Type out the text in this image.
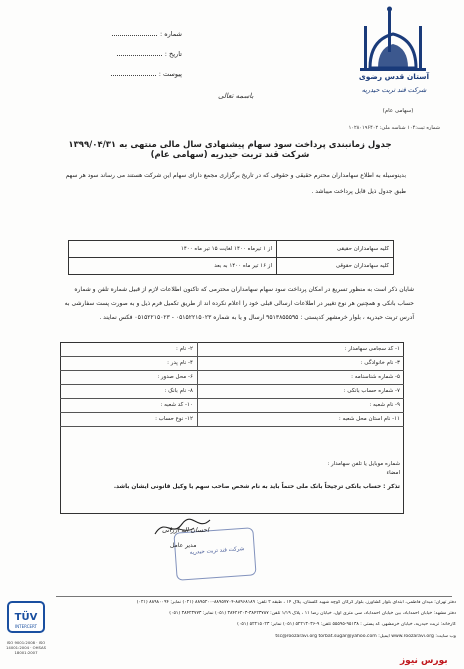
شماره :
تاریخ :
پیوست :
باسمه تعالی
آستان قدس رضوی
شرکت قند تربت حیدریه
(سهامی عام)
شماره ثبت:۱۰۴ شناسه ملی: ۱۰۲۸۰۱۹۶۴۰۲
جدول زمانبندی پرداخت سود سهام پیشنهادی سال مالی منتهی به ۱۳۹۹/۰۴/۳۱ شرکت قند تربت حیدریه (سهامی عام)
بدینوسیله به اطلاع سهامداران محترم حقیقی و حقوقی که در تاریخ برگزاری مجمع دارای سهام این شرکت هستند می رساند سود هر سهم
طبق جدول ذیل قابل پرداخت میباشد .
کلیه سهامداران حقیقی	از ۱ تیرماه ۱۴۰۰ لغایت ۱۵ تیر ماه ۱۴۰۰
کلیه سهامداران حقوقی	از ۱۶ تیر ماه ۱۴۰۰ به بعد
شایان ذکر است به منظور تسریع در امکان پرداخت سود سهام سهامداران محترمی که تاکنون اطلاعات لازم از قبیل شماره تلفن و شماره
حساب بانکی و همچنین هر نوع تغییر در اطلاعات ارسالی قبلی خود را اعلام نکرده اند از طریق تکمیل فرم ذیل و به صورت پست سفارشی به
آدرس تربت حیدریه ، بلوار خرمشهر کدپستی : ۹۵۱۳۸۵۵۵۹۵ ارسال و یا به شماره ۰۵۱۵۲۲۱۵۰۲۳ - ۰۵۱۵۲۲۱۵۰۲۳ فکس نمایند .
۱- کد سجامی سهامدار :	۲- نام :
۳- نام خانوادگی :	۴- نام پدر :
۵- شماره شناسنامه :	۶- محل صدور :
۷- شماره حساب بانکی :	۸- نام بانک :
۹- نام شعبه :	۱۰- کد شعبه :
۱۱- نام استان محل شعبه :	۱۲- نوع حساب :
شماره موبایل یا تلفن سهامدار :
امضاء
تذکر : حساب بانکی ترجیحاً بانک ملی حتماً باید به نام شخص صاحب سهم یا وکیل قانونی ایشان باشد.
شرکت قند تربت حیدریه
احسان اله ارزانی
مدیر عامل
دفتر تهران: میدان فاطمی، ابتدای بلوار کشاورز، بلوار گرگان کوچه شهید گلستان، پلاک ۱۴ ، طبقه ۲ تلفن: ۸۸۹۶۸۱۸۹-۸۸۹۵۷۷۰۴-۸۸۹۵۲۰۰ (۰۲۱) نمابر: ۸۸۹۸۰۰۹۴ (۰۲۱)
دفتر مشهد: خیابان احمدآباد، بین خیابان احمدآباد، سی متری اول، خیابان رضا ۱۱ ، پلاک ۱/۱۹ تلفن: ۳۸۴۲۳۷۸۷-۳۸۴۲۶۲۰۳ (۰۵۱) نمابر: ۳۸۴۲۳۷۷۳ (۰۵۱)
کارخانه: تربت حیدریه، خیابان خرمشهر، کد پستی : ۹۵۱۳۸-۵۵۵۹۵ تلفن: ۹-۵۲۲۱۳۰۳۶ (۰۵۱) نمابر: ۵۲۲۱۵۰۲۳ (۰۵۱)
وب سایت: www.roozaravi.org ایمیل: tsc@roozaravi.org torbat.sugar@yahoo.com
TÜV
INTERCERT
ISO 9001:2008 · ISO 14001:2004 · OHSAS 18001:2007
بورس نیوز
